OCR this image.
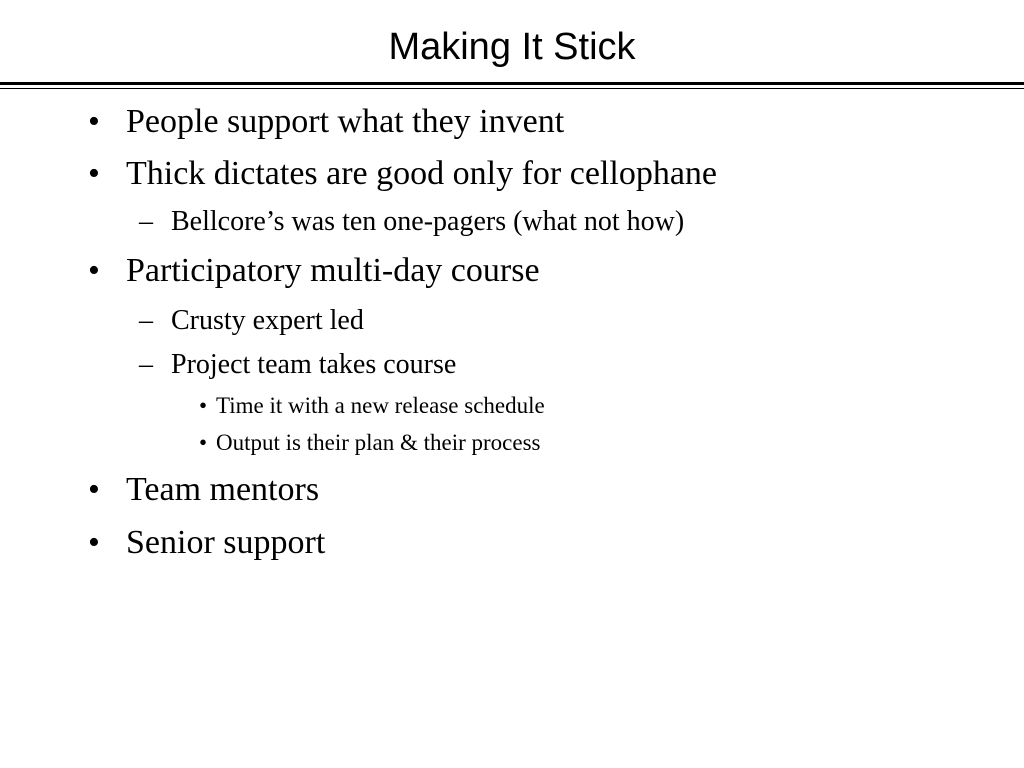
Making It Stick
• People support what they invent
• Thick dictates are good only for cellophane
– Bellcore’s was ten one-pagers (what not how)
• Participatory multi-day course
– Crusty expert led
– Project team takes course
• Time it with a new release schedule
• Output is their plan & their process
• Team mentors
• Senior support
